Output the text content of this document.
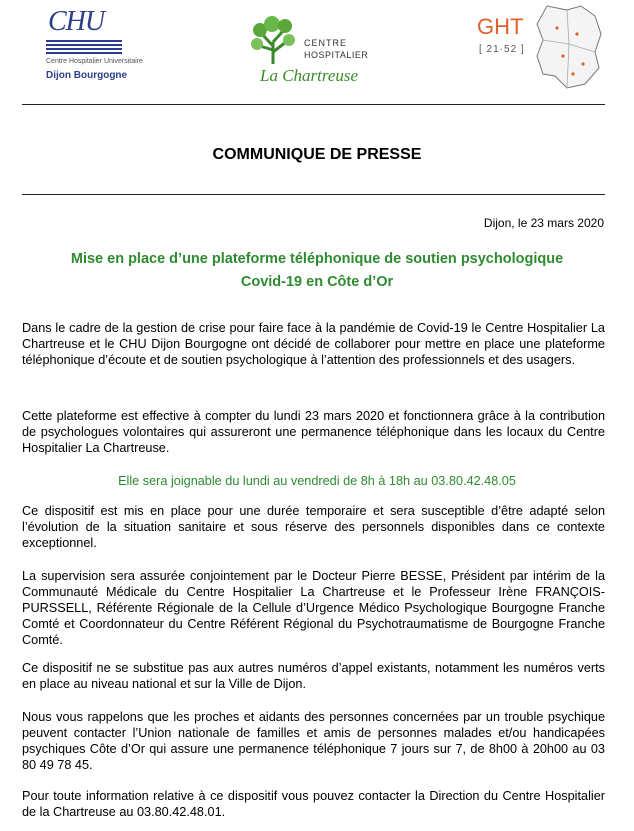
CHU
Centre Hospitalier Universitaire
Dijon Bourgogne
CENTRE
HOSPITALIER
La Chartreuse
GHT
[ 21·52 ]
COMMUNIQUE DE PRESSE
Dijon, le 23 mars 2020
Mise en place d’une plateforme téléphonique de soutien psychologique
Covid-19 en Côte d’Or

Dans le cadre de la gestion de crise pour faire face à la pandémie de Covid-19 le Centre Hospitalier La Chartreuse et le CHU Dijon Bourgogne ont décidé de collaborer pour mettre en place une plateforme téléphonique d’écoute et de soutien psychologique à l’attention des professionnels et des usagers.

Cette plateforme est effective à compter du lundi 23 mars 2020 et fonctionnera grâce à la contribution de psychologues volontaires qui assureront une permanence téléphonique dans les locaux du Centre Hospitalier La Chartreuse.

Elle sera joignable du lundi au vendredi de 8h à 18h au 03.80.42.48.05

Ce dispositif est mis en place pour une durée temporaire et sera susceptible d’être adapté selon l’évolution de la situation sanitaire et sous réserve des personnels disponibles dans ce contexte exceptionnel.

La supervision sera assurée conjointement par le Docteur Pierre BESSE, Président par intérim de la Communauté Médicale du Centre Hospitalier La Chartreuse et le Professeur Irène FRANÇOIS-PURSSELL, Référente Régionale de la Cellule d’Urgence Médico Psychologique Bourgogne Franche Comté et Coordonnateur du Centre Référent Régional du Psychotraumatisme de Bourgogne Franche Comté.

Ce dispositif ne se substitue pas aux autres numéros d’appel existants, notamment les numéros verts en place au niveau national et sur la Ville de Dijon.

Nous vous rappelons que les proches et aidants des personnes concernées par un trouble psychique peuvent contacter l’Union nationale de familles et amis de personnes malades et/ou handicapées psychiques Côte d’Or qui assure une permanence téléphonique 7 jours sur 7, de 8h00 à 20h00 au 03 80 49 78 45.

Pour toute information relative à ce dispositif vous pouvez contacter la Direction du Centre Hospitalier de la Chartreuse au 03.80.42.48.01.
